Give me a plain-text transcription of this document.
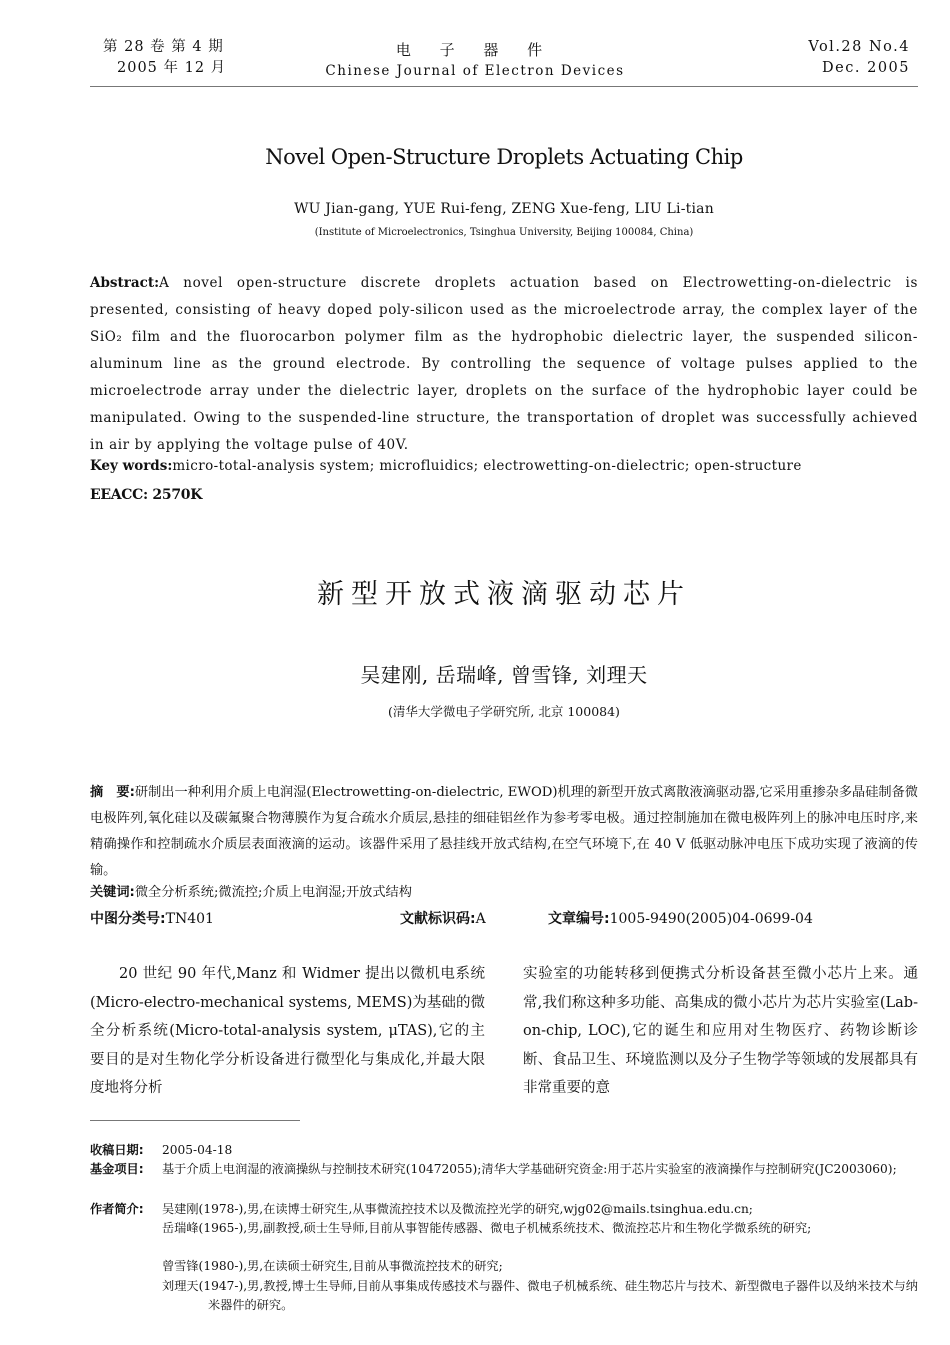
第 28 卷 第 4 期
2005 年 12 月
电 子 器 件
Chinese Journal of Electron Devices
Vol.28 No.4
Dec. 2005
Novel Open-Structure Droplets Actuating Chip
WU Jian-gang, YUE Rui-feng, ZENG Xue-feng, LIU Li-tian
(Institute of Microelectronics, Tsinghua University, Beijing 100084, China)
Abstract:A novel open-structure discrete droplets actuation based on Electrowetting-on-dielectric is presented, consisting of heavy doped poly-silicon used as the microelectrode array, the complex layer of the SiO₂ film and the fluorocarbon polymer film as the hydrophobic dielectric layer, the suspended silicon-aluminum line as the ground electrode. By controlling the sequence of voltage pulses applied to the microelectrode array under the dielectric layer, droplets on the surface of the hydrophobic layer could be manipulated. Owing to the suspended-line structure, the transportation of droplet was successfully achieved in air by applying the voltage pulse of 40V.
Key words:micro-total-analysis system; microfluidics; electrowetting-on-dielectric; open-structure
EEACC: 2570K
新型开放式液滴驱动芯片
吴建刚, 岳瑞峰, 曾雪锋, 刘理天
(清华大学微电子学研究所, 北京 100084)
摘　要:研制出一种利用介质上电润湿(Electrowetting-on-dielectric, EWOD)机理的新型开放式离散液滴驱动器,它采用重掺杂多晶硅制备微电极阵列,氧化硅以及碳氟聚合物薄膜作为复合疏水介质层,悬挂的细硅铝丝作为参考零电极。通过控制施加在微电极阵列上的脉冲电压时序,来精确操作和控制疏水介质层表面液滴的运动。该器件采用了悬挂线开放式结构,在空气环境下,在 40 V 低驱动脉冲电压下成功实现了液滴的传输。
关键词:微全分析系统;微流控;介质上电润湿;开放式结构
中图分类号:TN401	文献标识码:A	文章编号:1005-9490(2005)04-0699-04
20 世纪 90 年代,Manz 和 Widmer 提出以微机电系统(Micro-electro-mechanical systems, MEMS)为基础的微全分析系统(Micro-total-analysis system, μTAS),它的主要目的是对生物化学分析设备进行微型化与集成化,并最大限度地将分析
实验室的功能转移到便携式分析设备甚至微小芯片上来。通常,我们称这种多功能、高集成的微小芯片为芯片实验室(Lab-on-chip, LOC),它的诞生和应用对生物医疗、药物诊断诊断、食品卫生、环境监测以及分子生物学等领域的发展都具有非常重要的意
收稿日期: 2005-04-18
基金项目: 基于介质上电润湿的液滴操纵与控制技术研究(10472055);清华大学基础研究资金:用于芯片实验室的液滴操作与控制研究(JC2003060);
作者简介: 吴建刚(1978-),男,在读博士研究生,从事微流控技术以及微流控光学的研究,wjg02@mails.tsinghua.edu.cn;
岳瑞峰(1965-),男,副教授,硕士生导师,目前从事智能传感器、微电子机械系统技术、微流控芯片和生物化学微系统的研究;
曾雪锋(1980-),男,在读硕士研究生,目前从事微流控技术的研究;
刘理天(1947-),男,教授,博士生导师,目前从事集成传感技术与器件、微电子机械系统、硅生物芯片与技术、新型微电子器件以及纳米技术与纳米器件的研究。
